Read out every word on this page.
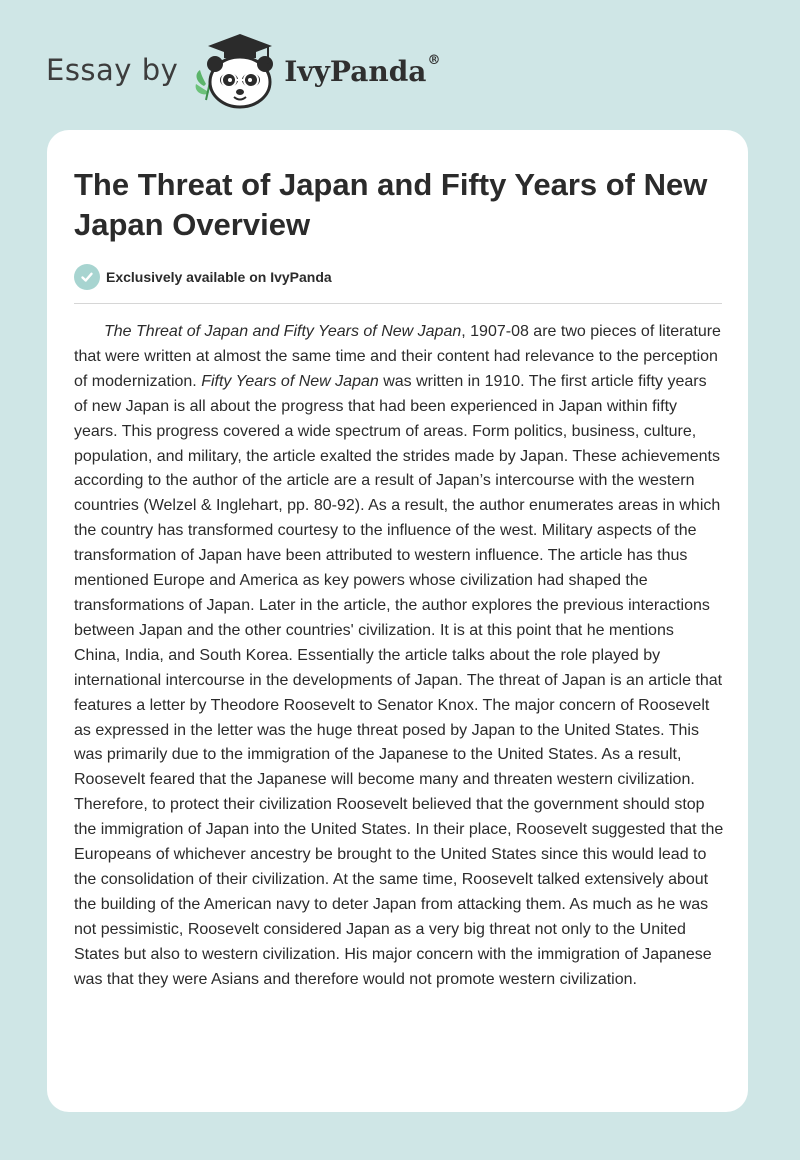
Essay by	IvyPanda®
The Threat of Japan and Fifty Years of New Japan Overview
Exclusively available on IvyPanda

The Threat of Japan and Fifty Years of New Japan, 1907-08 are two pieces of literature that were written at almost the same time and their content had relevance to the perception of modernization. Fifty Years of New Japan was written in 1910. The first article fifty years of new Japan is all about the progress that had been experienced in Japan within fifty years. This progress covered a wide spectrum of areas. Form politics, business, culture, population, and military, the article exalted the strides made by Japan. These achievements according to the author of the article are a result of Japan’s intercourse with the western countries (Welzel & Inglehart, pp. 80-92). As a result, the author enumerates areas in which the country has transformed courtesy to the influence of the west. Military aspects of the transformation of Japan have been attributed to western influence. The article has thus mentioned Europe and America as key powers whose civilization had shaped the transformations of Japan. Later in the article, the author explores the previous interactions between Japan and the other countries' civilization. It is at this point that he mentions China, India, and South Korea. Essentially the article talks about the role played by international intercourse in the developments of Japan. The threat of Japan is an article that features a letter by Theodore Roosevelt to Senator Knox. The major concern of Roosevelt as expressed in the letter was the huge threat posed by Japan to the United States. This was primarily due to the immigration of the Japanese to the United States. As a result, Roosevelt feared that the Japanese will become many and threaten western civilization. Therefore, to protect their civilization Roosevelt believed that the government should stop the immigration of Japan into the United States. In their place, Roosevelt suggested that the Europeans of whichever ancestry be brought to the United States since this would lead to the consolidation of their civilization. At the same time, Roosevelt talked extensively about the building of the American navy to deter Japan from attacking them. As much as he was not pessimistic, Roosevelt considered Japan as a very big threat not only to the United States but also to western civilization. His major concern with the immigration of Japanese was that they were Asians and therefore would not promote western civilization.
